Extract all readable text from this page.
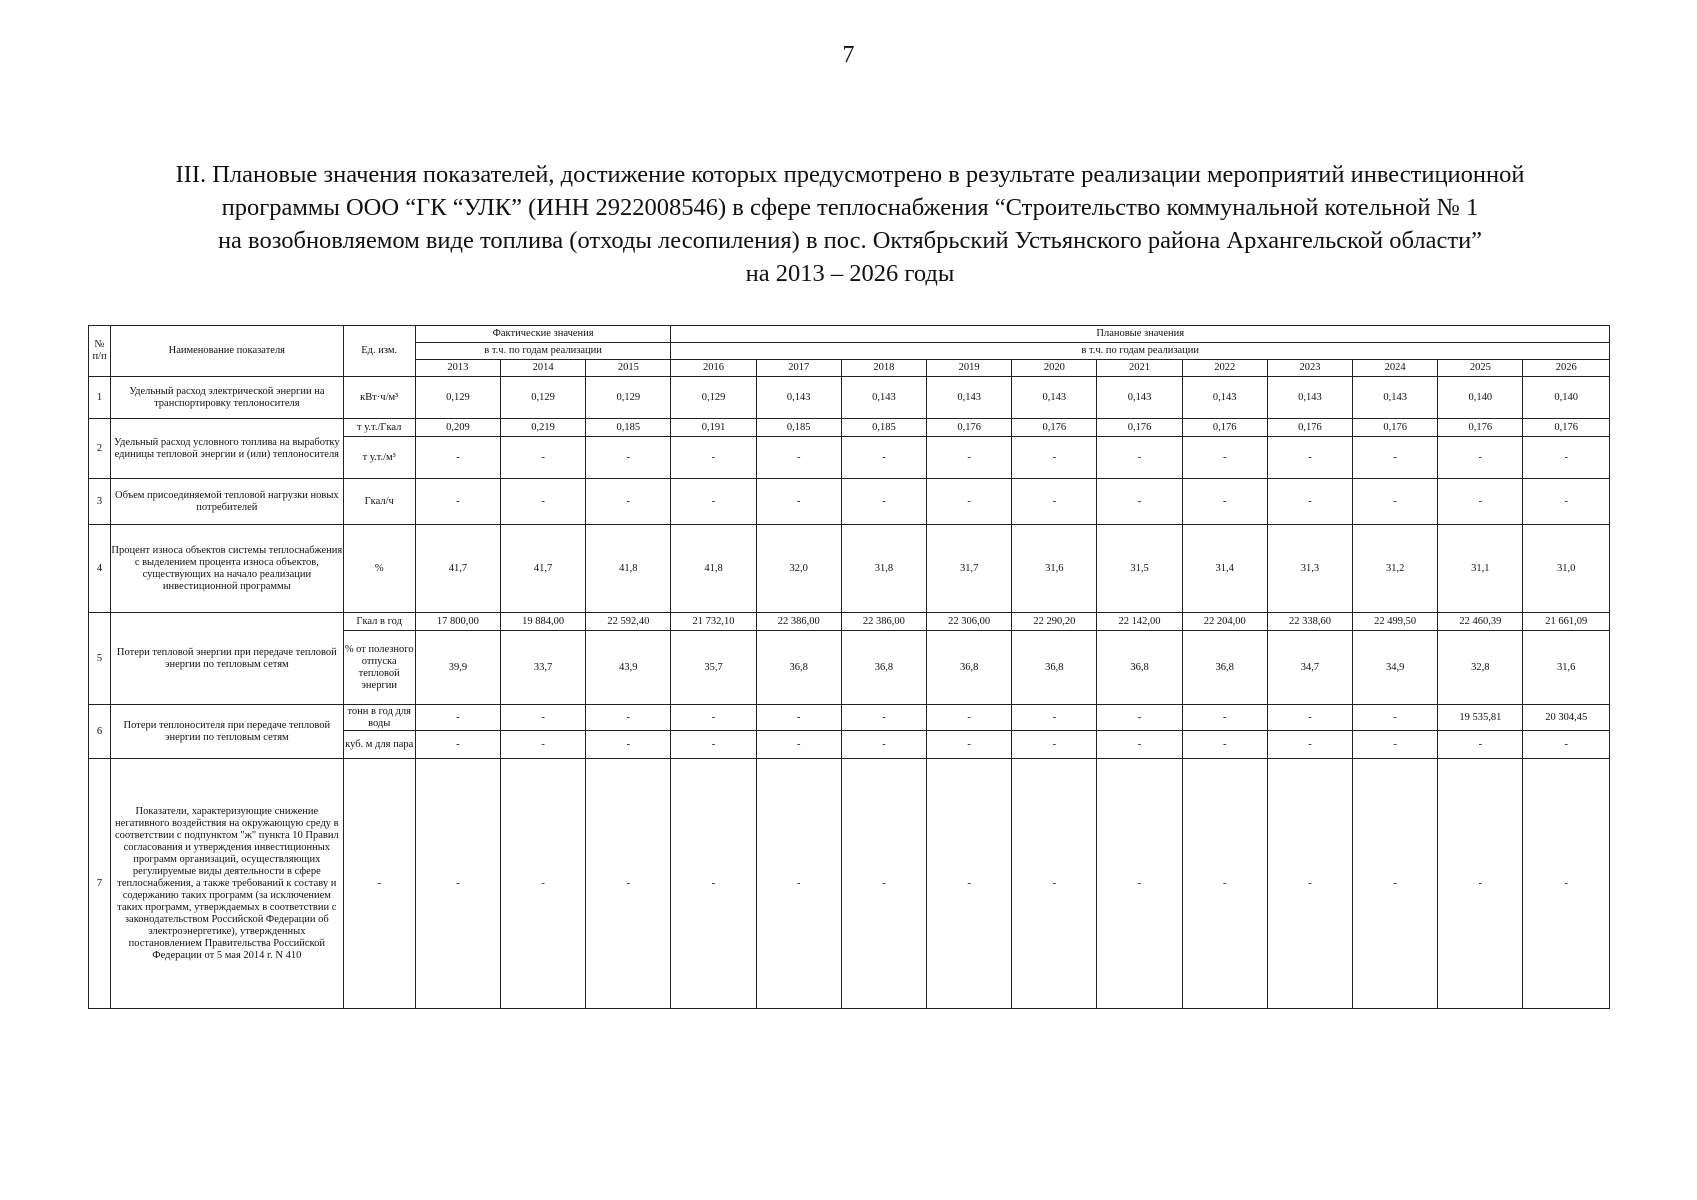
7
III. Плановые значения показателей, достижение которых предусмотрено в результате реализации мероприятий инвестиционной
программы ООО “ГК “УЛК” (ИНН 2922008546) в сфере теплоснабжения “Строительство коммунальной котельной № 1
на возобновляемом виде топлива (отходы лесопиления) в пос. Октябрьский Устьянского района Архангельской области”
на 2013 – 2026 годы
№ п/п	Наименование показателя	Ед. изм.	Фактические значения			Плановые значения										
			в т.ч. по годам реализации			в т.ч. по годам реализации										
			2013	2014	2015	2016	2017	2018	2019	2020	2021	2022	2023	2024	2025	2026
1	Удельный расход электрической энергии на транспортировку теплоносителя	кВт·ч/м³	0,129	0,129	0,129	0,129	0,143	0,143	0,143	0,143	0,143	0,143	0,143	0,143	0,140	0,140
2	Удельный расход условного топлива на выработку единицы тепловой энергии и (или) теплоносителя	т у.т./Гкал	0,209	0,219	0,185	0,191	0,185	0,185	0,176	0,176	0,176	0,176	0,176	0,176	0,176	0,176
		т у.т./м³	-	-	-	-	-	-	-	-	-	-	-	-	-	-
3	Объем присоединяемой тепловой нагрузки новых потребителей	Гкал/ч	-	-	-	-	-	-	-	-	-	-	-	-	-	-
4	Процент износа объектов системы теплоснабжения с выделением процента износа объектов, существующих на начало реализации инвестиционной программы	%	41,7	41,7	41,8	41,8	32,0	31,8	31,7	31,6	31,5	31,4	31,3	31,2	31,1	31,0
5	Потери тепловой энергии при передаче тепловой энергии по тепловым сетям	Гкал в год	17 800,00	19 884,00	22 592,40	21 732,10	22 386,00	22 386,00	22 306,00	22 290,20	22 142,00	22 204,00	22 338,60	22 499,50	22 460,39	21 661,09
		% от полезного отпуска тепловой энергии	39,9	33,7	43,9	35,7	36,8	36,8	36,8	36,8	36,8	36,8	34,7	34,9	32,8	31,6
6	Потери теплоносителя при передаче тепловой энергии по тепловым сетям	тонн в год для воды	-	-	-	-	-	-	-	-	-	-	-	-	19 535,81	20 304,45
		куб. м для пара	-	-	-	-	-	-	-	-	-	-	-	-	-	-
7	Показатели, характеризующие снижение негативного воздействия на окружающую среду в соответствии с подпунктом "ж" пункта 10 Правил согласования и утверждения инвестиционных программ организаций, осуществляющих регулируемые виды деятельности в сфере теплоснабжения, а также требований к составу и содержанию таких программ (за исключением таких программ, утверждаемых в соответствии с законодательством Российской Федерации об электроэнергетике), утвержденных постановлением Правительства Российской Федерации от 5 мая 2014 г. N 410	-	-	-	-	-	-	-	-	-	-	-	-	-	-	-
